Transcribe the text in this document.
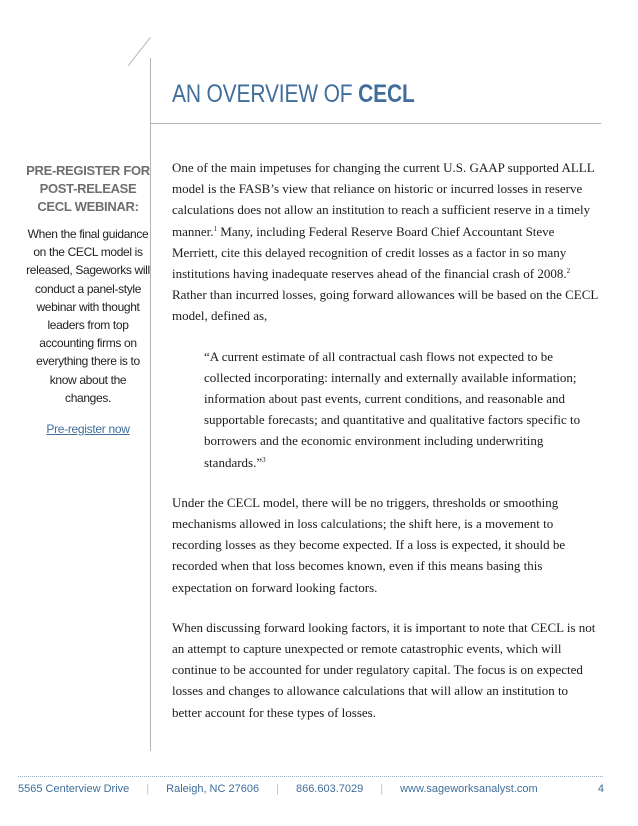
AN OVERVIEW OF CECL
PRE-REGISTER FOR POST-RELEASE CECL WEBINAR:

When the final guidance on the CECL model is released, Sageworks will conduct a panel-style webinar with thought leaders from top accounting firms on everything there is to know about the changes.

Pre-register now

One of the main impetuses for changing the current U.S. GAAP supported ALLL model is the FASB’s view that reliance on historic or incurred losses in reserve calculations does not allow an institution to reach a sufficient reserve in a timely manner.$^1$ Many, including Federal Reserve Board Chief Accountant Steve Merriett, cite this delayed recognition of credit losses as a factor in so many institutions having inadequate reserves ahead of the financial crash of 2008.$^2$ Rather than incurred losses, going forward allowances will be based on the CECL model, defined as,

“A current estimate of all contractual cash flows not expected to be collected incorporating: internally and externally available information; information about past events, current conditions, and reasonable and supportable forecasts; and quantitative and qualitative factors specific to borrowers and the economic environment including underwriting standards.”$^3$

Under the CECL model, there will be no triggers, thresholds or smoothing mechanisms allowed in loss calculations; the shift here, is a movement to recording losses as they become expected. If a loss is expected, it should be recorded when that loss becomes known, even if this means basing this expectation on forward looking factors.

When discussing forward looking factors, it is important to note that CECL is not an attempt to capture unexpected or remote catastrophic events, which will continue to be accounted for under regulatory capital. The focus is on expected losses and changes to allowance calculations that will allow an institution to better account for these types of losses.

5565 Centerview Drive | Raleigh, NC 27606 | 866.603.7029 | www.sageworksanalyst.com	4
